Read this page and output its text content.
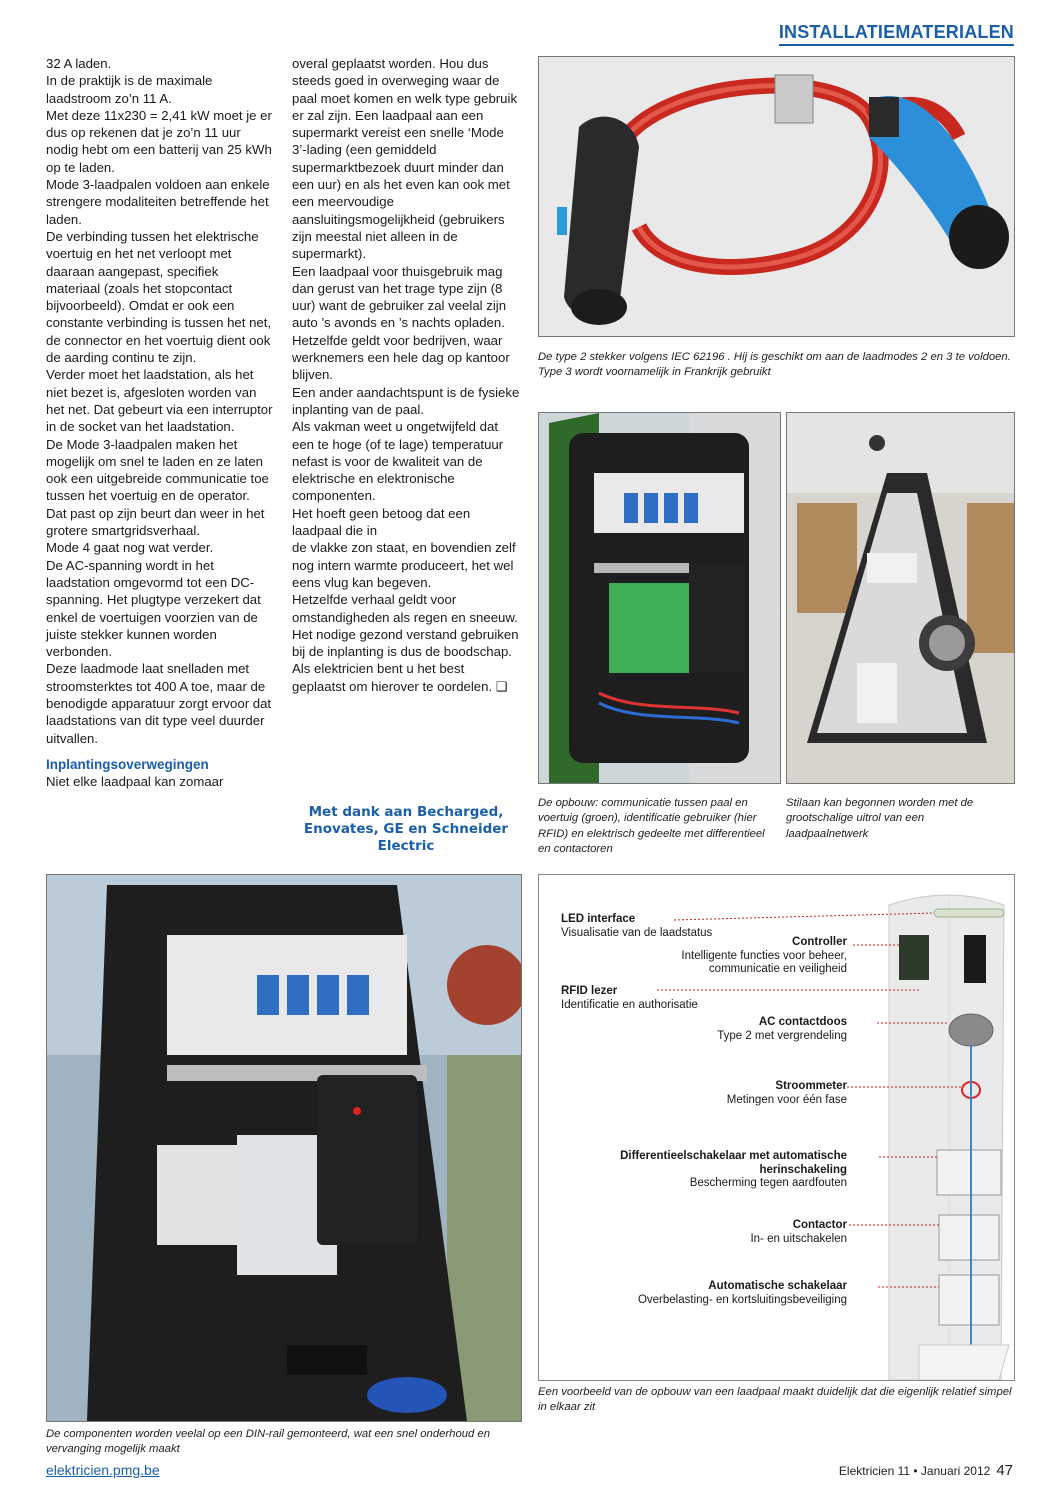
INSTALLATIEMATERIALEN

32 A laden.

In de praktijk is de maximale laadstroom zo’n 11 A.

Met deze 11x230 = 2,41 kW moet je er dus op rekenen dat je zo’n 11 uur nodig hebt om een batterij van 25 kWh op te laden.

Mode 3-laadpalen voldoen aan enkele strengere modaliteiten betreffende het laden.

De verbinding tussen het elektrische voertuig en het net verloopt met daaraan aangepast, specifiek materiaal (zoals het stopcontact bijvoorbeeld). Omdat er ook een constante verbinding is tussen het net, de connector en het voertuig dient ook de aarding continu te zijn.

Verder moet het laadstation, als het niet bezet is, afgesloten worden van het net. Dat gebeurt via een interruptor in de socket van het laadstation.

De Mode 3-laadpalen maken het mogelijk om snel te laden en ze laten ook een uitgebreide communicatie toe tussen het voertuig en de operator.

Dat past op zijn beurt dan weer in het grotere smartgridsverhaal.

Mode 4 gaat nog wat verder.

De AC-spanning wordt in het laadstation omgevormd tot een DC-spanning. Het plugtype verzekert dat enkel de voertuigen voorzien van de juiste stekker kunnen worden verbonden.

Deze laadmode laat snelladen met stroomsterktes tot 400 A toe, maar de benodigde apparatuur zorgt ervoor dat laadstations van dit type veel duurder uitvallen.

Inplantingsoverwegingen

Niet elke laadpaal kan zomaar

overal geplaatst worden. Hou dus steeds goed in overweging waar de paal moet komen en welk type gebruik er zal zijn. Een laadpaal aan een supermarkt vereist een snelle ‘Mode 3’-lading (een gemiddeld supermarktbezoek duurt minder dan een uur) en als het even kan ook met een meervoudige aansluitingsmogelijkheid (gebruikers zijn meestal niet alleen in de supermarkt).

Een laadpaal voor thuisgebruik mag dan gerust van het trage type zijn (8 uur) want de gebruiker zal veelal zijn auto ’s avonds en ’s nachts opladen.

Hetzelfde geldt voor bedrijven, waar werknemers een hele dag op kantoor blijven.

Een ander aandachtspunt is de fysieke inplanting van de paal.

Als vakman weet u ongetwijfeld dat een te hoge (of te lage) temperatuur nefast is voor de kwaliteit van de elektrische en elektronische componenten.

Het hoeft geen betoog dat een laadpaal die in

de vlakke zon staat, en bovendien zelf nog intern warmte produceert, het wel eens vlug kan begeven.

Hetzelfde verhaal geldt voor omstandigheden als regen en sneeuw.

Het nodige gezond verstand gebruiken bij de inplanting is dus de boodschap. Als elektricien bent u het best geplaatst om hierover te oordelen. ❑

Met dank aan Becharged, Enovates, GE en Schneider Electric
De type 2 stekker volgens IEC 62196 . Hij is geschikt om aan de laadmodes 2 en 3 te voldoen. Type 3 wordt voornamelijk in Frankrijk gebruikt
De opbouw: communicatie tussen paal en voertuig (groen), identificatie gebruiker (hier RFID) en elektrisch gedeelte met differentieel en contactoren
Stilaan kan begonnen worden met de grootschalige uitrol van een laadpaalnetwerk
De componenten worden veelal op een DIN-rail gemonteerd, wat een snel onderhoud en vervanging mogelijk maakt
LED interface
Visualisatie van de laadstatus
Controller
Intelligente functies voor beheer, communicatie en veiligheid
RFID lezer
Identificatie en authorisatie
AC contactdoos
Type 2 met vergrendeling
Stroommeter
Metingen voor één fase
Differentieelschakelaar met automatische herinschakeling
Bescherming tegen aardfouten
Contactor
In- en uitschakelen
Automatische schakelaar
Overbelasting- en kortsluitingsbeveiliging
Een voorbeeld van de opbouw van een laadpaal maakt duidelijk dat die eigenlijk relatief simpel in elkaar zit
elektricien.pmg.be	Elektricien 11 • Januari 2012 47
